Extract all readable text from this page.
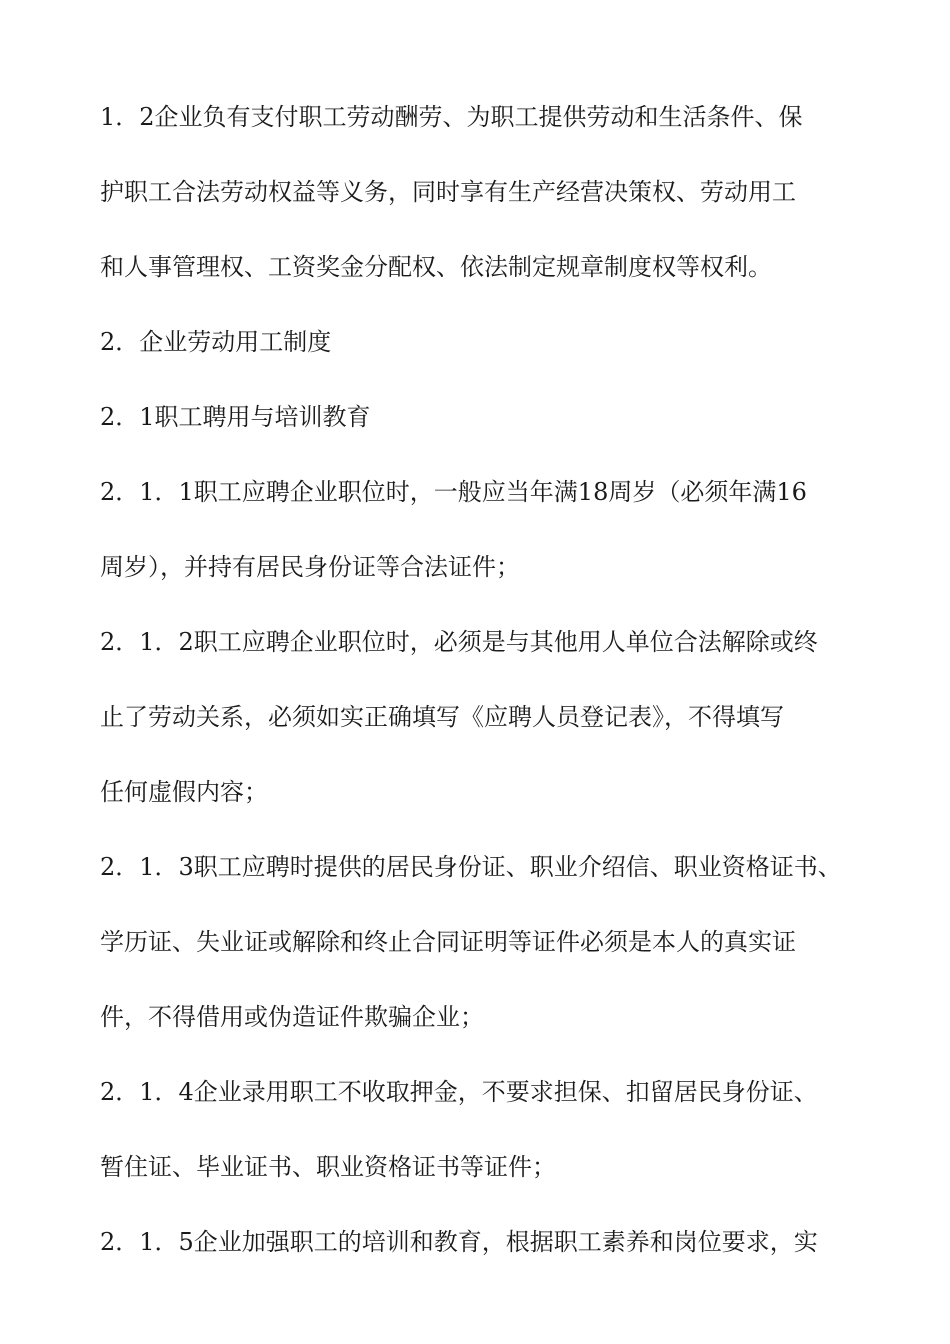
1．2企业负有支付职工劳动酬劳、为职工提供劳动和生活条件、保
护职工合法劳动权益等义务，同时享有生产经营决策权、劳动用工
和人事管理权、工资奖金分配权、依法制定规章制度权等权利。
2．企业劳动用工制度
2．1职工聘用与培训教育
2．1．1职工应聘企业职位时，一般应当年满18周岁（必须年满16
周岁），并持有居民身份证等合法证件；
2．1．2职工应聘企业职位时，必须是与其他用人单位合法解除或终
止了劳动关系，必须如实正确填写《应聘人员登记表》，不得填写
任何虚假内容；
2．1．3职工应聘时提供的居民身份证、职业介绍信、职业资格证书、
学历证、失业证或解除和终止合同证明等证件必须是本人的真实证
件，不得借用或伪造证件欺骗企业；
2．1．4企业录用职工不收取押金，不要求担保、扣留居民身份证、
暂住证、毕业证书、职业资格证书等证件；
2．1．5企业加强职工的培训和教育，根据职工素养和岗位要求，实
